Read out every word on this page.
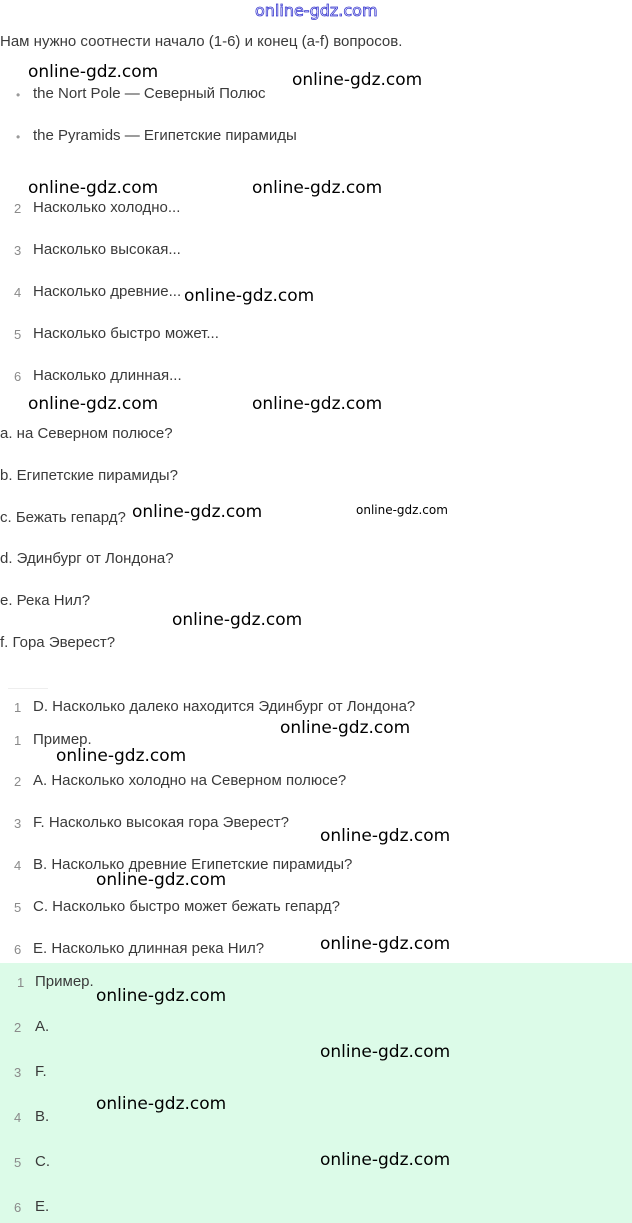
online-gdz.com
Нам нужно соотнести начало (1-6) и конец (a-f) вопросов.
• the Nort Pole — Северный Полюс
• the Pyramids — Египетские пирамиды
2 Насколько холодно...
3 Насколько высокая...
4 Насколько древние...
5 Насколько быстро может...
6 Насколько длинная...
a. на Северном полюсе?
b. Египетские пирамиды?
c. Бежать гепард?
d. Эдинбург от Лондона?
e. Река Нил?
f. Гора Эверест?
1 D. Насколько далеко находится Эдинбург от Лондона?
1 Пример.
2 A. Насколько холодно на Северном полюсе?
3 F. Насколько высокая гора Эверест?
4 B. Насколько древние Египетские пирамиды?
5 C. Насколько быстро может бежать гепард?
6 E. Насколько длинная река Нил?
1 Пример.
2 A.
3 F.
4 B.
5 C.
6 E.
online-gdz.com	online-gdz.com
online-gdz.com	online-gdz.com
online-gdz.com
online-gdz.com	online-gdz.com
online-gdz.com	online-gdz.com
online-gdz.com
online-gdz.com
online-gdz.com
online-gdz.com
online-gdz.com
online-gdz.com
online-gdz.com
online-gdz.com
online-gdz.com
online-gdz.com
